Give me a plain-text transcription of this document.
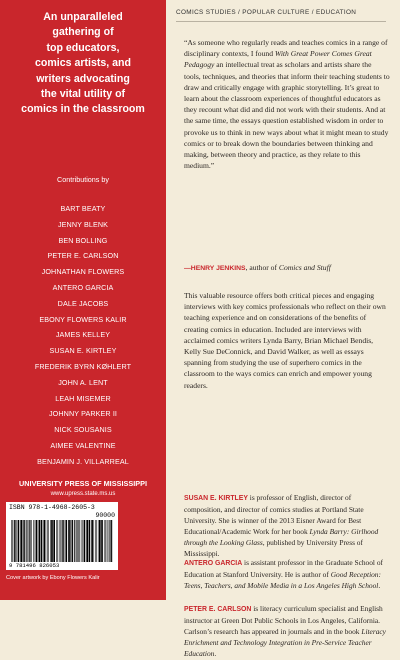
An unparalleled
gathering of
top educators,
comics artists, and
writers advocating
the vital utility of
comics in the classroom
Contributions by
BART BEATY
JENNY BLENK
BEN BOLLING
PETER E. CARLSON
JOHNATHAN FLOWERS
ANTERO GARCIA
DALE JACOBS
EBONY FLOWERS KALIR
JAMES KELLEY
SUSAN E. KIRTLEY
FREDERIK BYRN KØHLERT
JOHN A. LENT
LEAH MISEMER
JOHNNY PARKER II
NICK SOUSANIS
AIMEE VALENTINE
BENJAMIN J. VILLARREAL
UNIVERSITY PRESS OF MISSISSIPPI
www.upress.state.ms.us
ISBN 978-1-4968-2605-3
90000
9 781496 826053
Cover artwork by Ebony Flowers Kalir
COMICS STUDIES / POPULAR CULTURE / EDUCATION

“As someone who regularly reads and teaches comics in a range of disciplinary contexts, I found With Great Power Comes Great Pedagogy an intellectual treat as scholars and artists share the tools, techniques, and theories that inform their teaching students to draw and critically engage with graphic storytelling. It’s great to learn about the classroom experiences of thoughtful educators as they recount what did and did not work with their students. And at the same time, the essays question established wisdom in order to provoke us to think in new ways about what it might mean to study comics or to break down the boundaries between thinking and making, between theory and practice, as they relate to this medium.”

—HENRY JENKINS, author of Comics and Stuff

This valuable resource offers both critical pieces and engaging interviews with key comics professionals who reflect on their own teaching experience and on considerations of the benefits of creating comics in education. Included are interviews with acclaimed comics writers Lynda Barry, Brian Michael Bendis, Kelly Sue DeConnick, and David Walker, as well as essays spanning from studying the use of superhero comics in the classroom to the ways comics can enrich and empower young readers.

SUSAN E. KIRTLEY is professor of English, director of composition, and director of comics studies at Portland State University. She is winner of the 2013 Eisner Award for Best Educational/Academic Work for her book Lynda Barry: Girlhood through the Looking Glass, published by University Press of Mississippi.
ANTERO GARCIA is assistant professor in the Graduate School of Education at Stanford University. He is author of Good Reception: Teens, Teachers, and Mobile Media in a Los Angeles High School.
PETER E. CARLSON is literacy curriculum specialist and English instructor at Green Dot Public Schools in Los Angeles, California. Carlson’s research has appeared in journals and in the book Literacy Enrichment and Technology Integration in Pre-Service Teacher Education.
